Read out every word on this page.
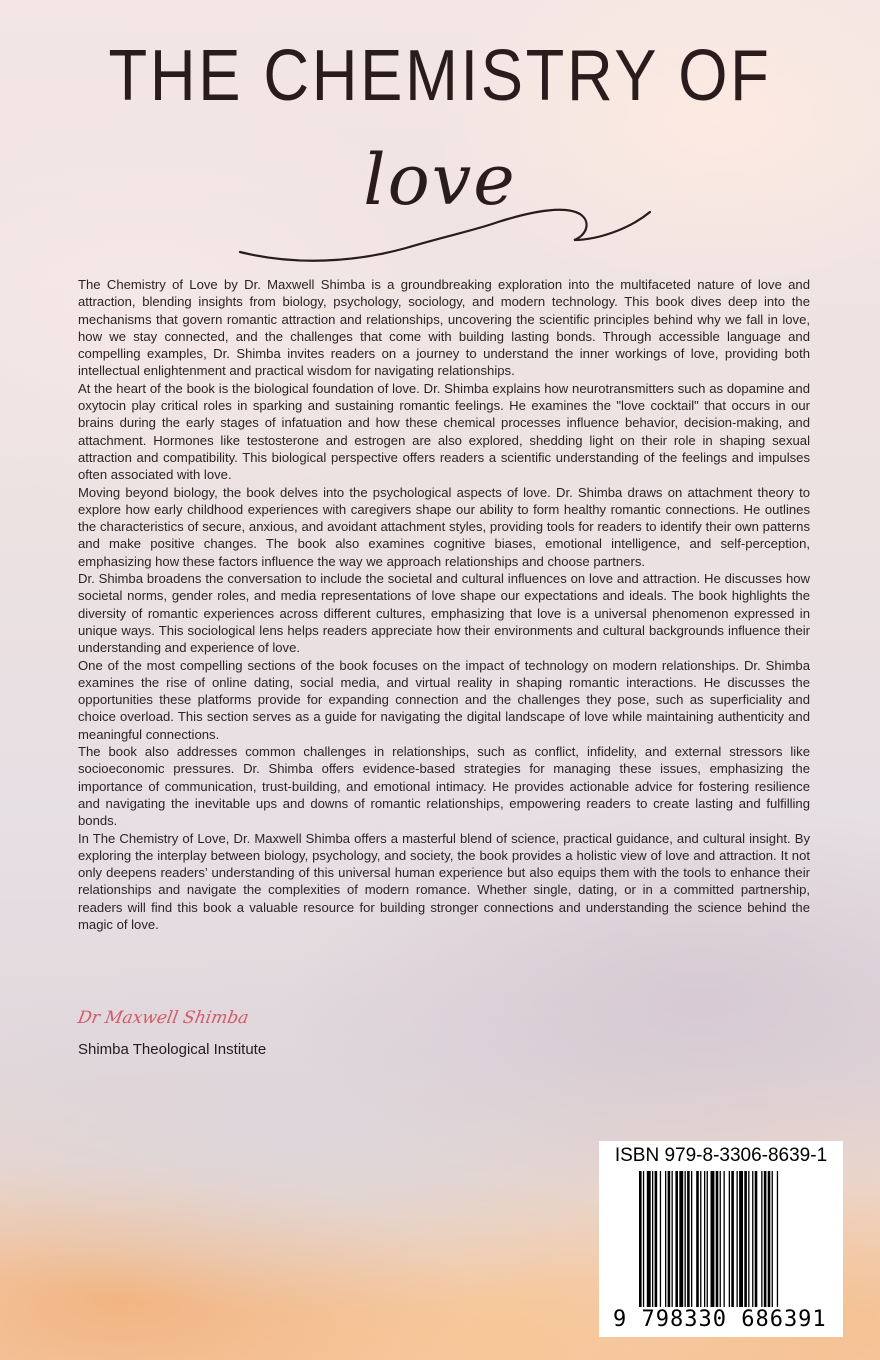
THE CHEMISTRY OF
love

The Chemistry of Love by Dr. Maxwell Shimba is a groundbreaking exploration into the multifaceted nature of love and attraction, blending insights from biology, psychology, sociology, and modern technology. This book dives deep into the mechanisms that govern romantic attraction and relationships, uncovering the scientific principles behind why we fall in love, how we stay connected, and the challenges that come with building lasting bonds. Through accessible language and compelling examples, Dr. Shimba invites readers on a journey to understand the inner workings of love, providing both intellectual enlightenment and practical wisdom for navigating relationships.

At the heart of the book is the biological foundation of love. Dr. Shimba explains how neurotransmitters such as dopamine and oxytocin play critical roles in sparking and sustaining romantic feelings. He examines the "love cocktail" that occurs in our brains during the early stages of infatuation and how these chemical processes influence behavior, decision-making, and attachment. Hormones like testosterone and estrogen are also explored, shedding light on their role in shaping sexual attraction and compatibility. This biological perspective offers readers a scientific understanding of the feelings and impulses often associated with love.

Moving beyond biology, the book delves into the psychological aspects of love. Dr. Shimba draws on attachment theory to explore how early childhood experiences with caregivers shape our ability to form healthy romantic connections. He outlines the characteristics of secure, anxious, and avoidant attachment styles, providing tools for readers to identify their own patterns and make positive changes. The book also examines cognitive biases, emotional intelligence, and self-perception, emphasizing how these factors influence the way we approach relationships and choose partners.

Dr. Shimba broadens the conversation to include the societal and cultural influences on love and attraction. He discusses how societal norms, gender roles, and media representations of love shape our expectations and ideals. The book highlights the diversity of romantic experiences across different cultures, emphasizing that love is a universal phenomenon expressed in unique ways. This sociological lens helps readers appreciate how their environments and cultural backgrounds influence their understanding and experience of love.

One of the most compelling sections of the book focuses on the impact of technology on modern relationships. Dr. Shimba examines the rise of online dating, social media, and virtual reality in shaping romantic interactions. He discusses the opportunities these platforms provide for expanding connection and the challenges they pose, such as superficiality and choice overload. This section serves as a guide for navigating the digital landscape of love while maintaining authenticity and meaningful connections.

The book also addresses common challenges in relationships, such as conflict, infidelity, and external stressors like socioeconomic pressures. Dr. Shimba offers evidence-based strategies for managing these issues, emphasizing the importance of communication, trust-building, and emotional intimacy. He provides actionable advice for fostering resilience and navigating the inevitable ups and downs of romantic relationships, empowering readers to create lasting and fulfilling bonds.

In The Chemistry of Love, Dr. Maxwell Shimba offers a masterful blend of science, practical guidance, and cultural insight. By exploring the interplay between biology, psychology, and society, the book provides a holistic view of love and attraction. It not only deepens readers’ understanding of this universal human experience but also equips them with the tools to enhance their relationships and navigate the complexities of modern romance. Whether single, dating, or in a committed partnership, readers will find this book a valuable resource for building stronger connections and understanding the science behind the magic of love.

Dr Maxwell Shimba
Shimba Theological Institute
ISBN 979-8-3306-8639-1
9 798330 686391
